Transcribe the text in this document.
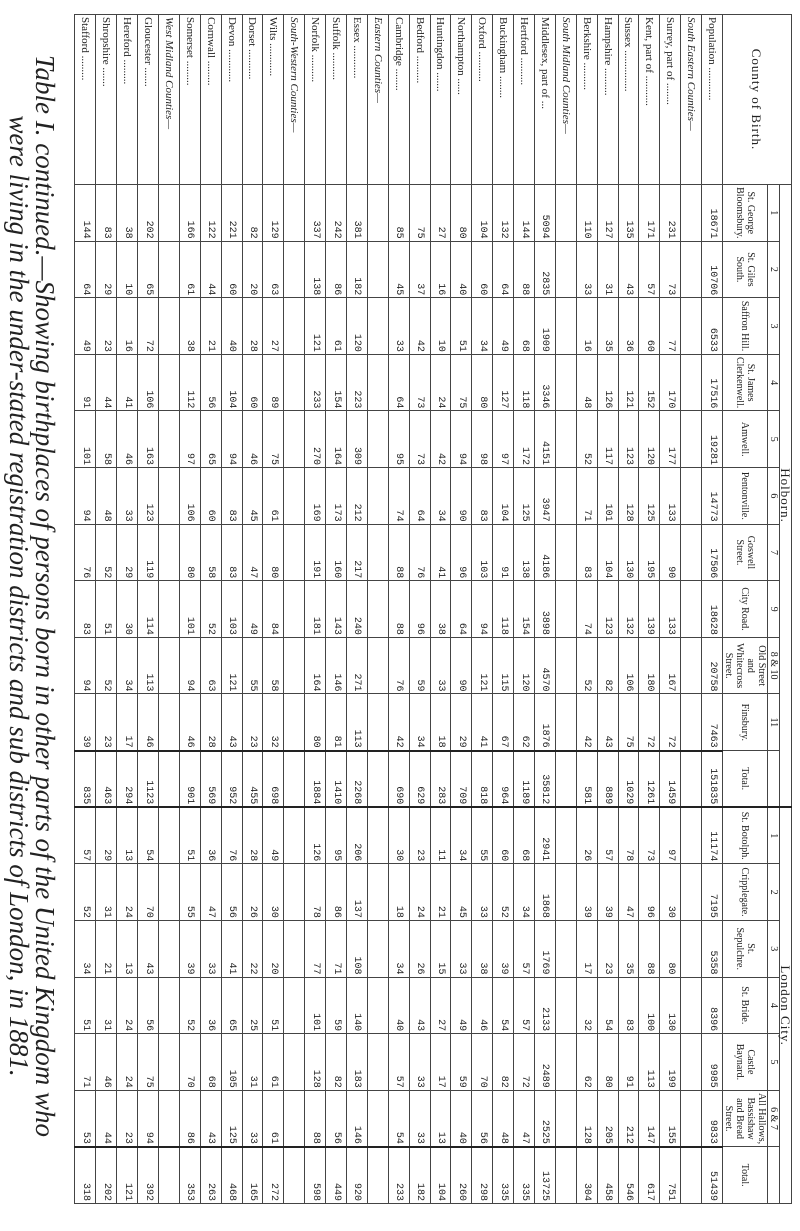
County of Birth.	Holborn.											London City.						
	1	2	3	4	5	6	7	9	8 & 10	11		1	2	3	4	5	6 & 7	
	St. George Bloomsbury.	St. Giles South.	Saffron Hill.	St. James Clerkenwell.	Amwell.	Pentonville.	Goswell Street.	City Road.	Old Street and Whitecross Street.	Finsbury.	Total.	St. Botolph.	Cripplegate.	St. Sepulchre.	St. Bride.	Castle Baynard.	All Hallows, Bassishaw and Bread Street.	Total.
Population ............	18671	10706	6533	17516	19281	14773	17506	18628	20758	7463	151835	11174	7195	5358	8396	9985	9833	51439
South Eastern Counties—																		
Surrey, part of ........	231	73	77	170	177	133	90	133	167	72	1459	97	30	80	130	199	155	751
Kent, part of ...........	171	57	60	152	120	125	195	139	180	72	1261	73	96	88	100	113	147	617
Sussex ...............	135	43	36	121	123	128	130	132	106	75	1029	78	47	35	83	91	212	546
Hampshire ..........	127	31	35	126	117	101	104	123	82	43	889	57	39	23	54	80	205	458
Berkshire ..........	110	33	16	48	52	71	83	74	52	42	581	26	39	17	32	62	128	304
South Midland Counties—																		
Middlesex, part of ...	5094	2835	1909	3346	4151	3947	4186	3898	4570	1876	35812	2941	1868	1769	2133	2489	2525	13725
Hertford ..........	144	88	68	118	172	125	138	154	120	62	1189	68	34	57	57	72	47	335
Buckingham ........	132	64	49	127	97	104	91	118	115	67	964	60	52	39	54	82	48	335
Oxford ...........	104	60	34	80	98	83	103	94	121	41	818	55	33	38	46	70	56	298
Northampton ......	80	40	51	75	94	90	96	64	90	29	709	34	45	33	49	59	40	260
Huntingdon .......	27	16	10	24	42	34	41	38	33	18	283	11	21	15	27	17	13	104
Bedford ..........	75	37	42	73	73	64	76	96	59	34	629	23	24	26	43	33	33	182
Cambridge ........	85	45	33	64	95	74	88	88	76	42	690	30	18	34	40	57	54	233
Eastern Counties—																		
Essex ............	381	182	120	223	309	212	217	240	271	113	2268	206	137	108	140	183	146	920
Suffolk ..........	242	86	61	154	164	173	160	143	146	81	1410	95	86	71	59	82	56	449
Norfolk ..........	337	138	121	233	270	169	191	181	164	80	1884	126	78	77	101	128	88	598
South-Western Counties—																		
Wilts ............	129	63	27	89	75	61	80	84	58	32	698	49	30	20	51	61	61	272
Dorset ...........	82	20	28	60	46	45	47	49	55	23	455	28	26	22	25	31	33	165
Devon ............	221	60	40	104	94	83	83	103	121	43	952	76	56	41	65	105	125	468
Cornwall .........	122	44	21	56	65	60	58	52	63	28	569	36	47	33	36	68	43	263
Somerset .........	166	61	38	112	97	106	80	101	94	46	901	51	55	39	52	70	86	353
West Midland Counties—																		
Gloucester .......	202	65	72	106	163	123	119	114	113	46	1123	54	70	43	56	75	94	392
Hereford .........	38	10	16	41	46	33	29	30	34	17	294	13	24	13	24	24	23	121
Shropshire .......	83	29	23	44	58	48	52	51	52	23	463	29	31	21	31	46	44	202
Stafford .........	144	64	49	91	101	94	76	83	94	39	835	57	52	34	51	71	53	318
Table I. continued.—Showing birthplaces of persons born in other parts of the United Kingdom who
were living in the under-stated registration districts and sub districts of London, in 1881.
